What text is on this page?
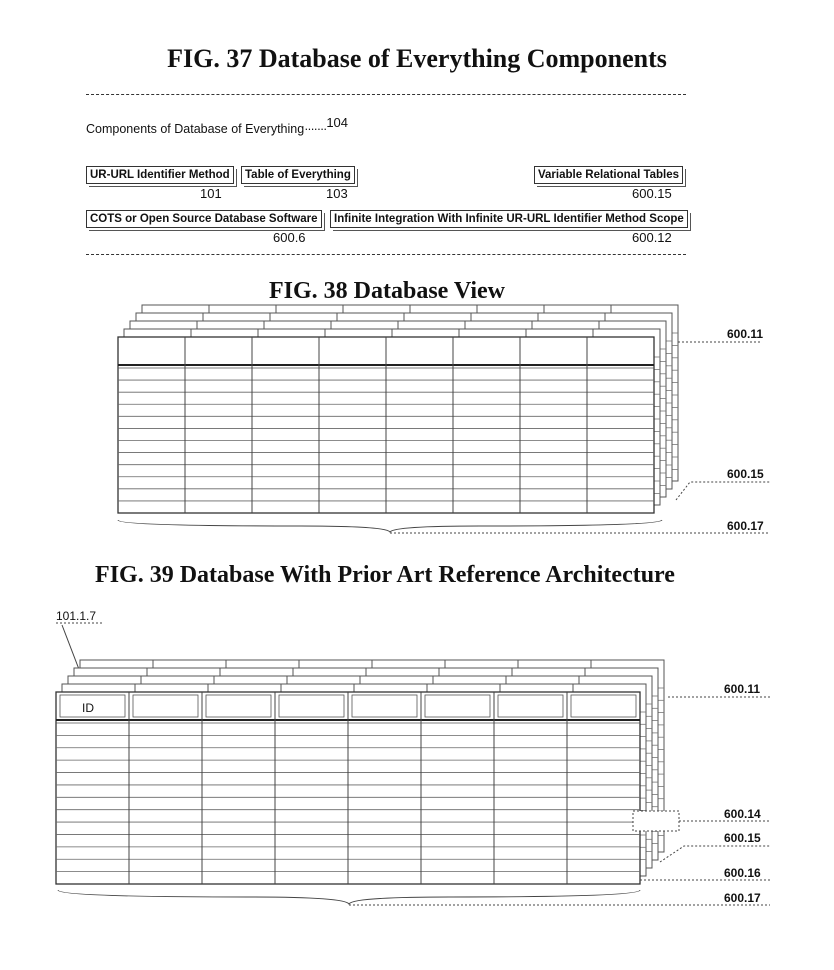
FIG. 37 Database of Everything Components
Components of Database of Everything·······104
UR-URL Identifier Method
101
Table of Everything
103
Variable Relational Tables
600.15
COTS or Open Source Database Software
600.6
Infinite Integration With Infinite UR-URL Identifier Method Scope
600.12
FIG. 38 Database View
600.11
600.15
600.17
FIG. 39 Database With Prior Art Reference Architecture
101.1.7
600.11
600.14
600.15
600.16
600.17
ID
